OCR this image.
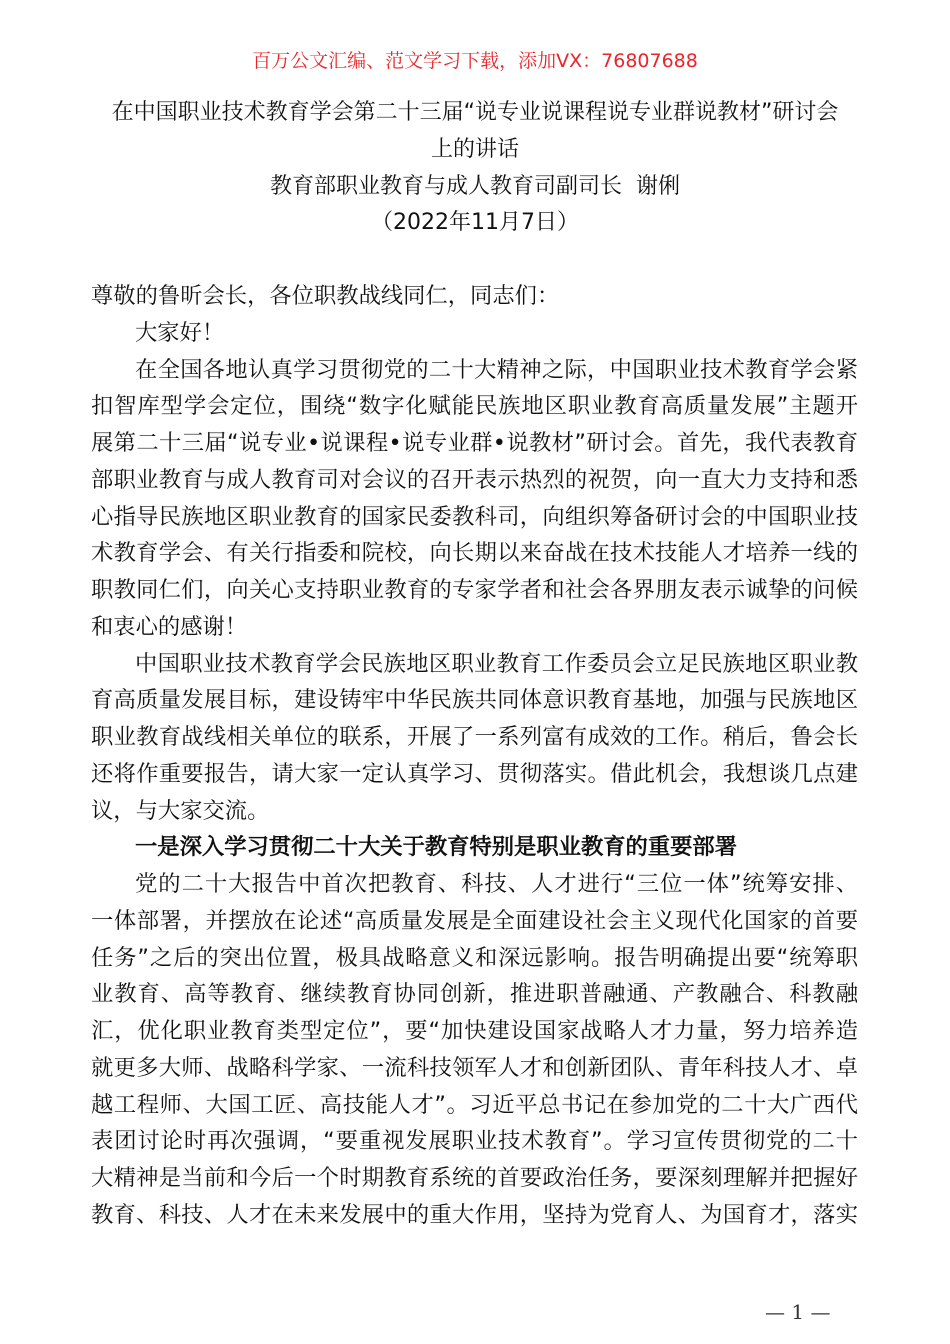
百万公文汇编、范文学习下载，添加VX：76807688
在中国职业技术教育学会第二十三届“说专业说课程说专业群说教材”研讨会
上的讲话
教育部职业教育与成人教育司副司长  谢俐
（2022年11月7日）
尊敬的鲁昕会长，各位职教战线同仁，同志们：
大家好！
在全国各地认真学习贯彻党的二十大精神之际，中国职业技术教育学会紧
扣智库型学会定位，围绕“数字化赋能民族地区职业教育高质量发展”主题开
展第二十三届“说专业•说课程•说专业群•说教材”研讨会。首先，我代表教育
部职业教育与成人教育司对会议的召开表示热烈的祝贺，向一直大力支持和悉
心指导民族地区职业教育的国家民委教科司，向组织筹备研讨会的中国职业技
术教育学会、有关行指委和院校，向长期以来奋战在技术技能人才培养一线的
职教同仁们，向关心支持职业教育的专家学者和社会各界朋友表示诚挚的问候
和衷心的感谢！
中国职业技术教育学会民族地区职业教育工作委员会立足民族地区职业教
育高质量发展目标，建设铸牢中华民族共同体意识教育基地，加强与民族地区
职业教育战线相关单位的联系，开展了一系列富有成效的工作。稍后，鲁会长
还将作重要报告，请大家一定认真学习、贯彻落实。借此机会，我想谈几点建
议，与大家交流。
一是深入学习贯彻二十大关于教育特别是职业教育的重要部署
党的二十大报告中首次把教育、科技、人才进行“三位一体”统筹安排、
一体部署，并摆放在论述“高质量发展是全面建设社会主义现代化国家的首要
任务”之后的突出位置，极具战略意义和深远影响。报告明确提出要“统筹职
业教育、高等教育、继续教育协同创新，推进职普融通、产教融合、科教融
汇，优化职业教育类型定位”，要“加快建设国家战略人才力量，努力培养造
就更多大师、战略科学家、一流科技领军人才和创新团队、青年科技人才、卓
越工程师、大国工匠、高技能人才”。习近平总书记在参加党的二十大广西代
表团讨论时再次强调，“要重视发展职业技术教育”。学习宣传贯彻党的二十
大精神是当前和今后一个时期教育系统的首要政治任务，要深刻理解并把握好
教育、科技、人才在未来发展中的重大作用，坚持为党育人、为国育才，落实
— 1 —
